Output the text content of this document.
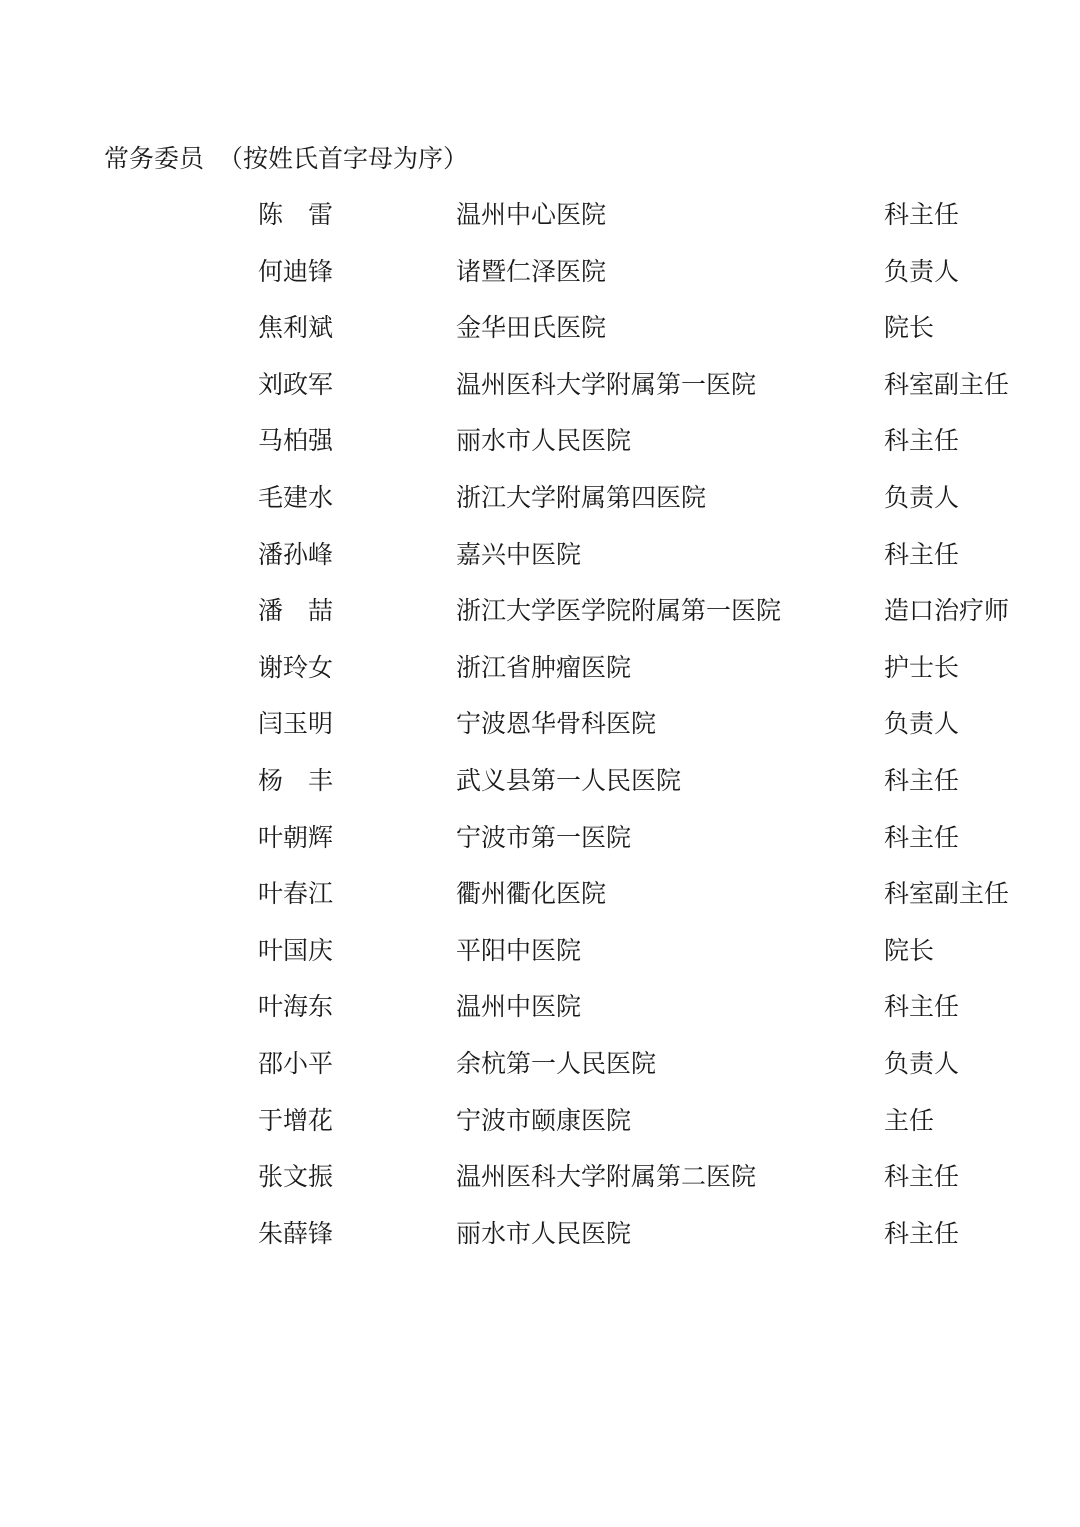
常务委员 （按姓氏首字母为序）
陈　雷	温州中心医院	科主任
何迪锋	诸暨仁泽医院	负责人
焦利斌	金华田氏医院	院长
刘政军	温州医科大学附属第一医院	科室副主任
马柏强	丽水市人民医院	科主任
毛建水	浙江大学附属第四医院	负责人
潘孙峰	嘉兴中医院	科主任
潘　喆	浙江大学医学院附属第一医院	造口治疗师
谢玲女	浙江省肿瘤医院	护士长
闫玉明	宁波恩华骨科医院	负责人
杨　丰	武义县第一人民医院	科主任
叶朝辉	宁波市第一医院	科主任
叶春江	衢州衢化医院	科室副主任
叶国庆	平阳中医院	院长
叶海东	温州中医院	科主任
邵小平	余杭第一人民医院	负责人
于增花	宁波市颐康医院	主任
张文振	温州医科大学附属第二医院	科主任
朱薛锋	丽水市人民医院	科主任
